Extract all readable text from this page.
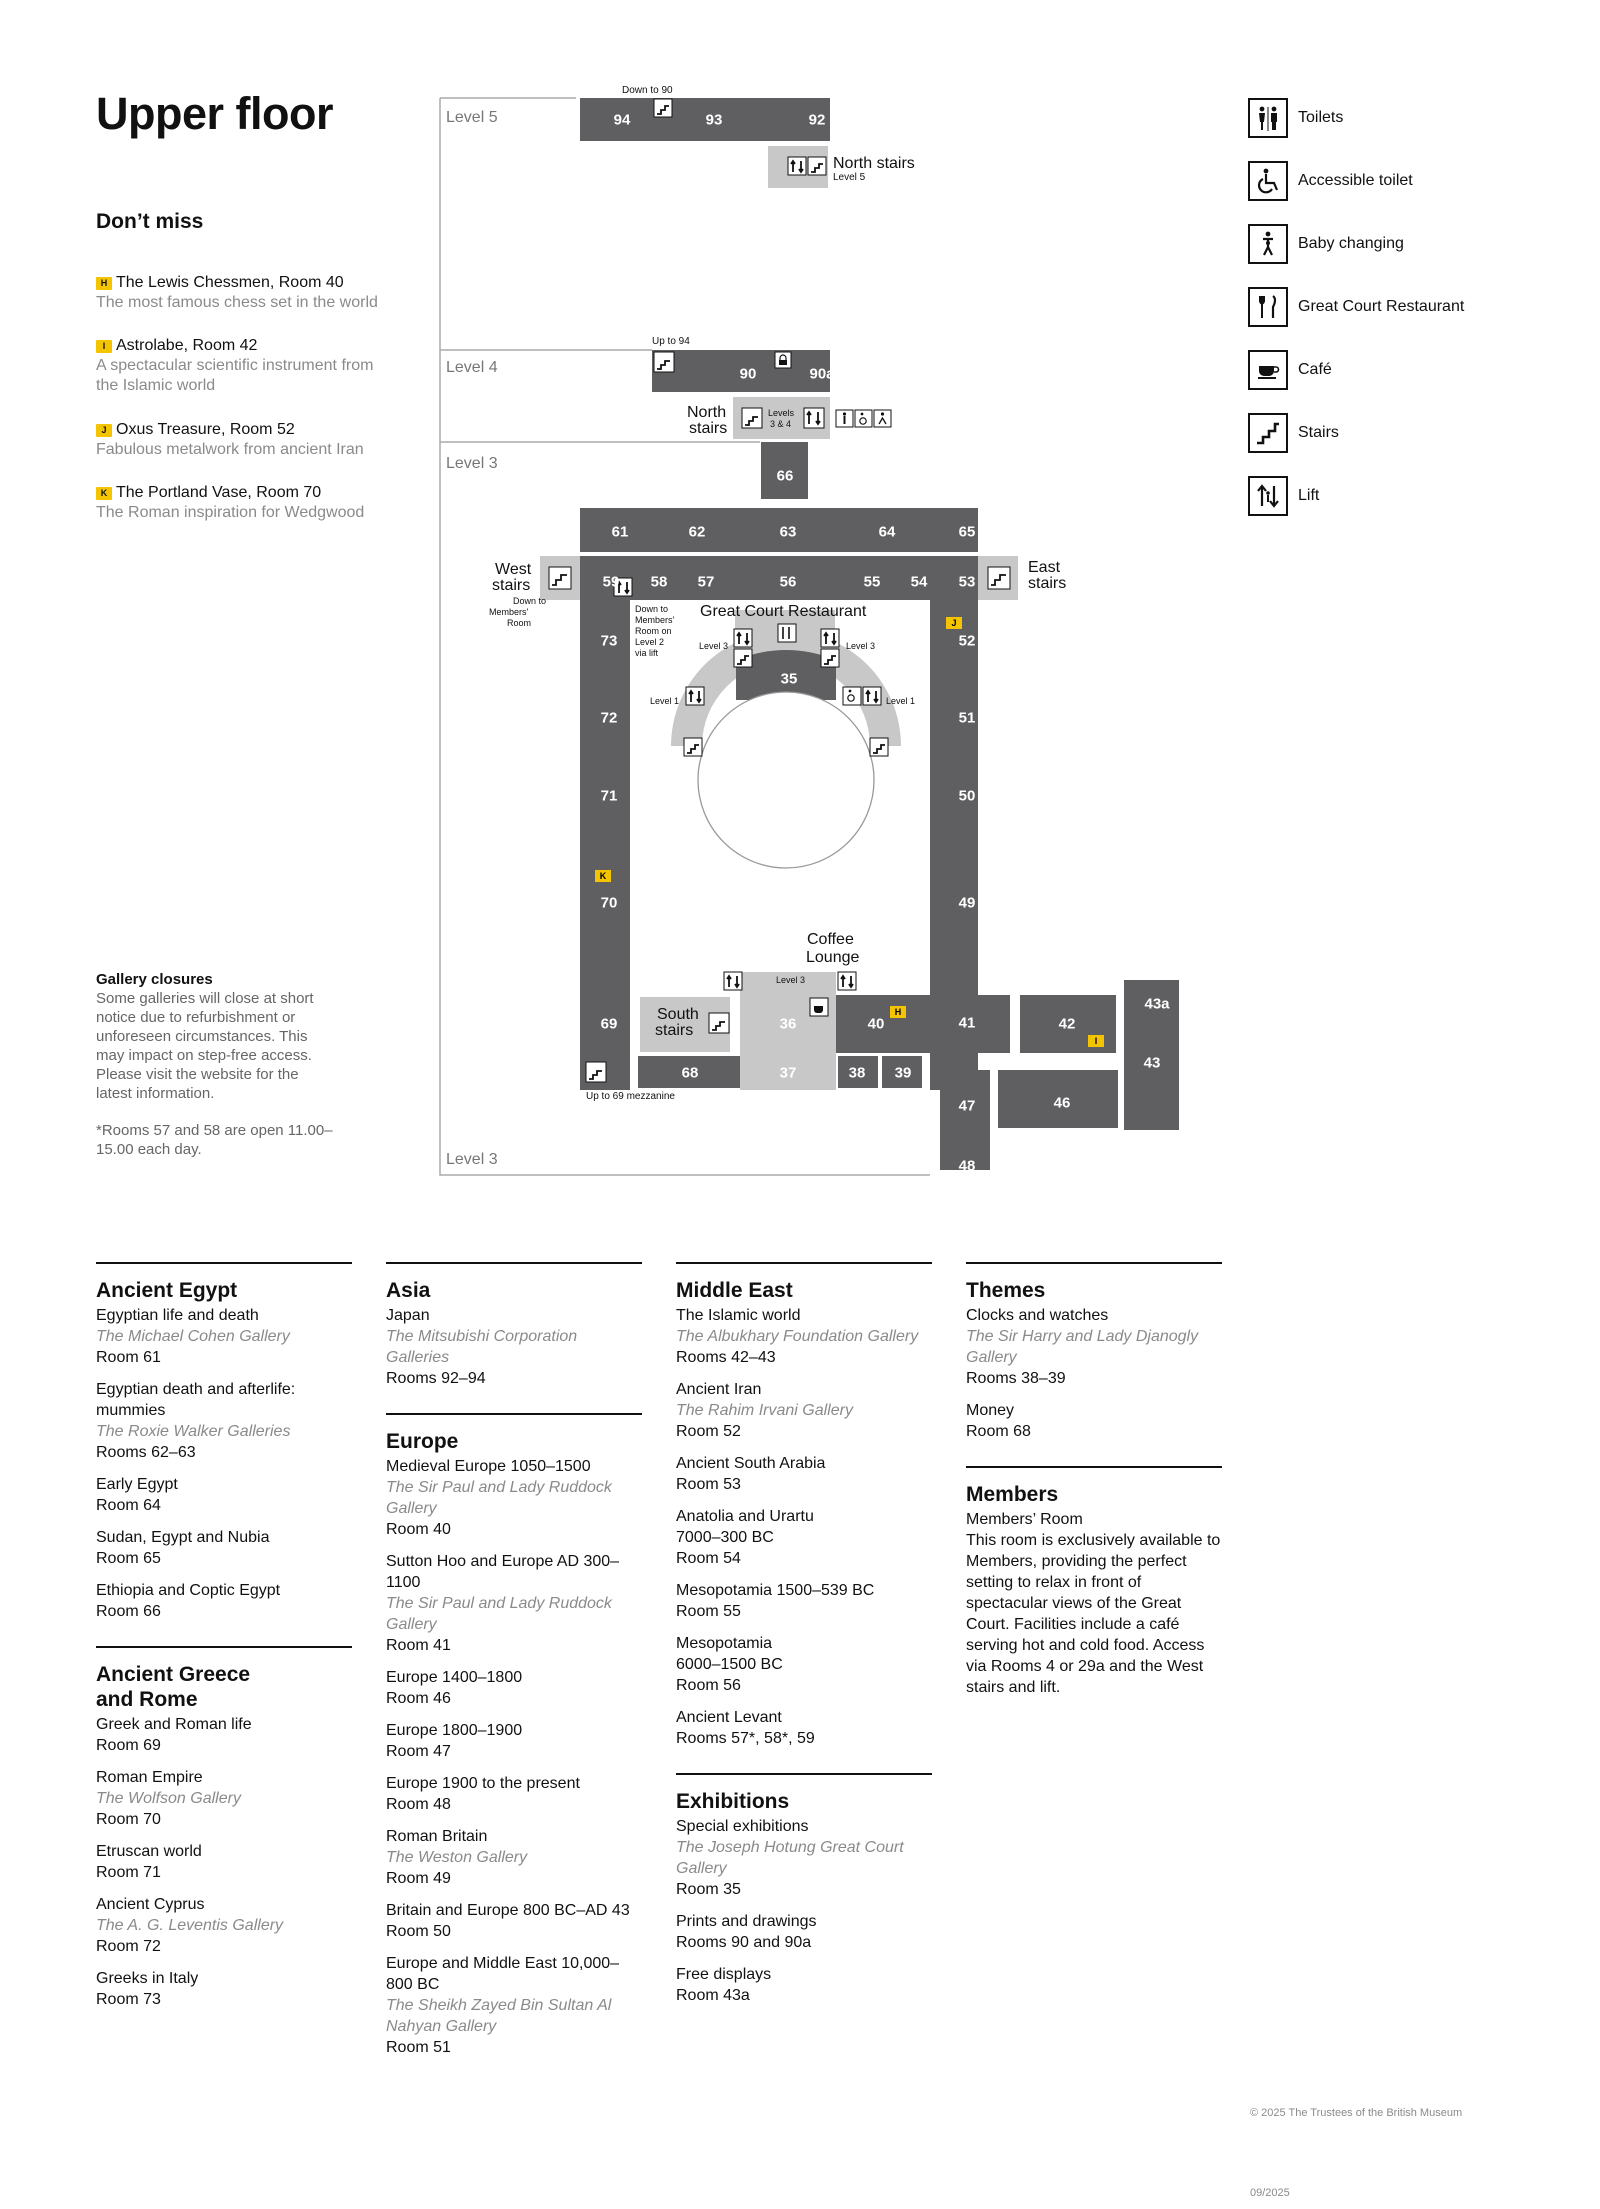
Upper floor
Don’t miss
H The Lewis Chessmen, Room 40
The most famous chess set in the world
I Astrolabe, Room 42
A spectacular scientific instrument from the Islamic world
J Oxus Treasure, Room 52
Fabulous metalwork from ancient Iran
K The Portland Vase, Room 70
The Roman inspiration for Wedgwood
Gallery closures
Some galleries will close at short notice due to refurbishment or unforeseen circumstances. This may impact on step-free access. Please visit the website for the latest information.
*Rooms 57 and 58 are open 11.00–15.00 each day.
Level 5
Level 4
Level 3
Level 3
Down to 90
North stairs
Level 5
Up to 94
North
stairs
Levels
3 & 4
West
stairs
Down to
Members'
Room
East
stairs
Down to
Members'
Room on
Level 2
via lift
Great Court Restaurant
Level 3	Level 3
Level 1	Level 1
Coffee
Lounge
Level 3
South
stairs
Up to 69 mezzanine
J
K
H
I
94	93	92
90	90a
66
61	62	63	64	65
59 58 57	56	55 54 53
73	52
35
72	51
71	50
70	49
69	36	40	41	42
43a
43
68	37	38 39
47	46
48
Toilets
Accessible toilet
Baby changing
Great Court Restaurant
Café
Stairs
Lift
Ancient Egypt
Egyptian life and death
The Michael Cohen Gallery
Room 61
Egyptian death and afterlife: mummies
The Roxie Walker Galleries
Rooms 62–63
Early Egypt
Room 64
Sudan, Egypt and Nubia
Room 65
Ethiopia and Coptic Egypt
Room 66
Ancient Greece and Rome
Greek and Roman life
Room 69
Roman Empire
The Wolfson Gallery
Room 70
Etruscan world
Room 71
Ancient Cyprus
The A. G. Leventis Gallery
Room 72
Greeks in Italy
Room 73
Asia
Japan
The Mitsubishi Corporation Galleries
Rooms 92–94
Europe
Medieval Europe 1050–1500
The Sir Paul and Lady Ruddock Gallery
Room 40
Sutton Hoo and Europe AD 300–1100
The Sir Paul and Lady Ruddock Gallery
Room 41
Europe 1400–1800
Room 46
Europe 1800–1900
Room 47
Europe 1900 to the present
Room 48
Roman Britain
The Weston Gallery
Room 49
Britain and Europe 800 BC–AD 43
Room 50
Europe and Middle East 10,000–800 BC
The Sheikh Zayed Bin Sultan Al Nahyan Gallery
Room 51
Middle East
The Islamic world
The Albukhary Foundation Gallery
Rooms 42–43
Ancient Iran
The Rahim Irvani Gallery
Room 52
Ancient South Arabia
Room 53
Anatolia and Urartu 7000–300 BC
Room 54
Mesopotamia 1500–539 BC
Room 55
Mesopotamia 6000–1500 BC
Room 56
Ancient Levant
Rooms 57*, 58*, 59
Exhibitions
Special exhibitions
The Joseph Hotung Great Court Gallery
Room 35
Prints and drawings
Rooms 90 and 90a
Free displays
Room 43a
Themes
Clocks and watches
The Sir Harry and Lady Djanogly Gallery
Rooms 38–39
Money
Room 68
Members
Members’ Room
This room is exclusively available to Members, providing the perfect setting to relax in front of spectacular views of the Great Court. Facilities include a café serving hot and cold food. Access via Rooms 4 or 29a and the West stairs and lift.
© 2025 The Trustees of the British Museum
09/2025
